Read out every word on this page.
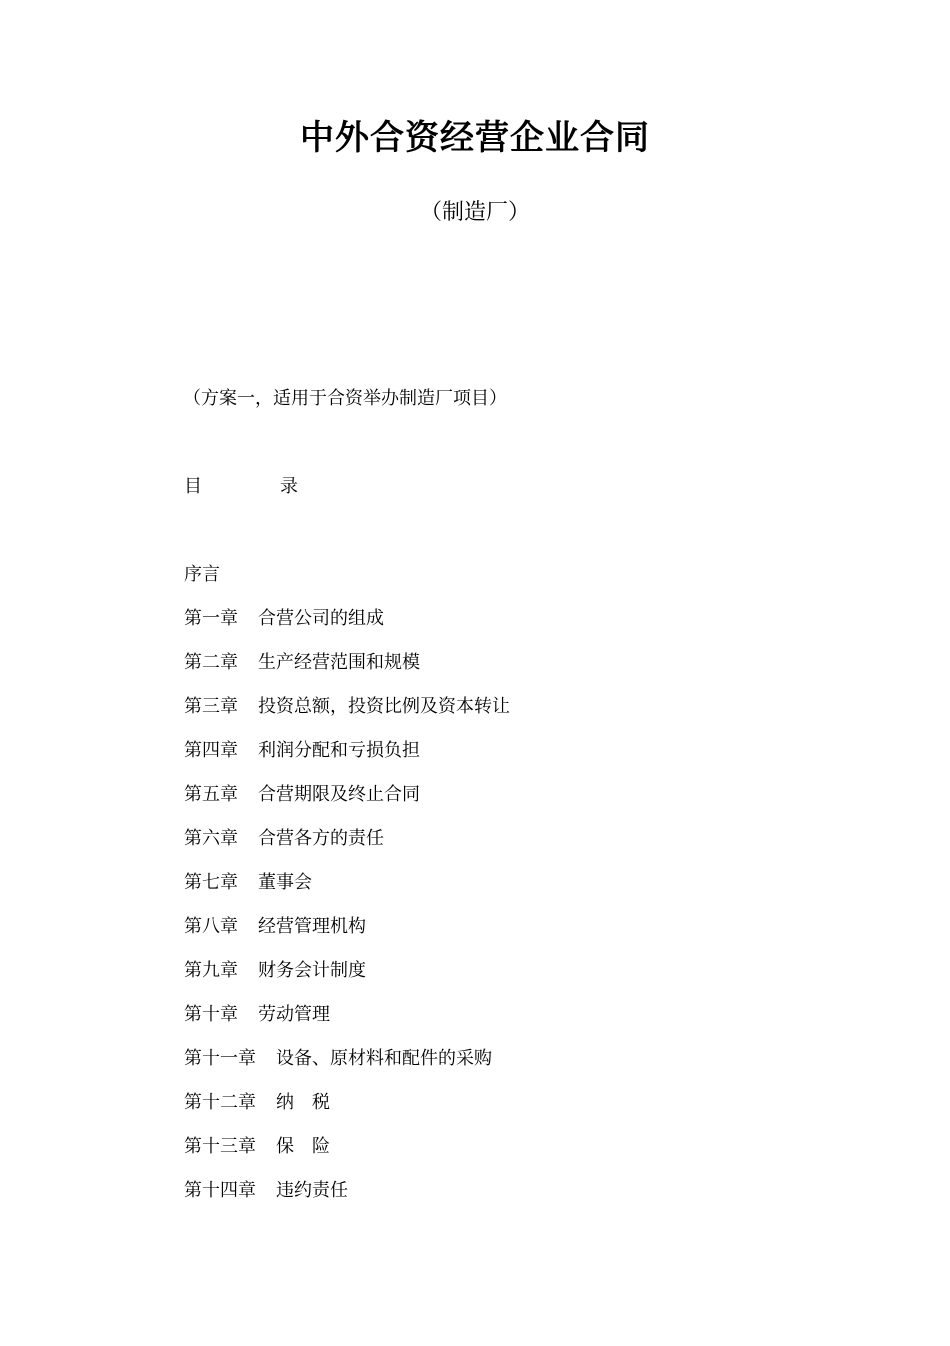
中外合资经营企业合同
（制造厂）
（方案一，适用于合资举办制造厂项目）
目	录
序言
第一章 合营公司的组成
第二章 生产经营范围和规模
第三章 投资总额，投资比例及资本转让
第四章 利润分配和亏损负担
第五章 合营期限及终止合同
第六章 合营各方的责任
第七章 董事会
第八章 经营管理机构
第九章 财务会计制度
第十章 劳动管理
第十一章 设备、原材料和配件的采购
第十二章 纳　税
第十三章 保　险
第十四章 违约责任
